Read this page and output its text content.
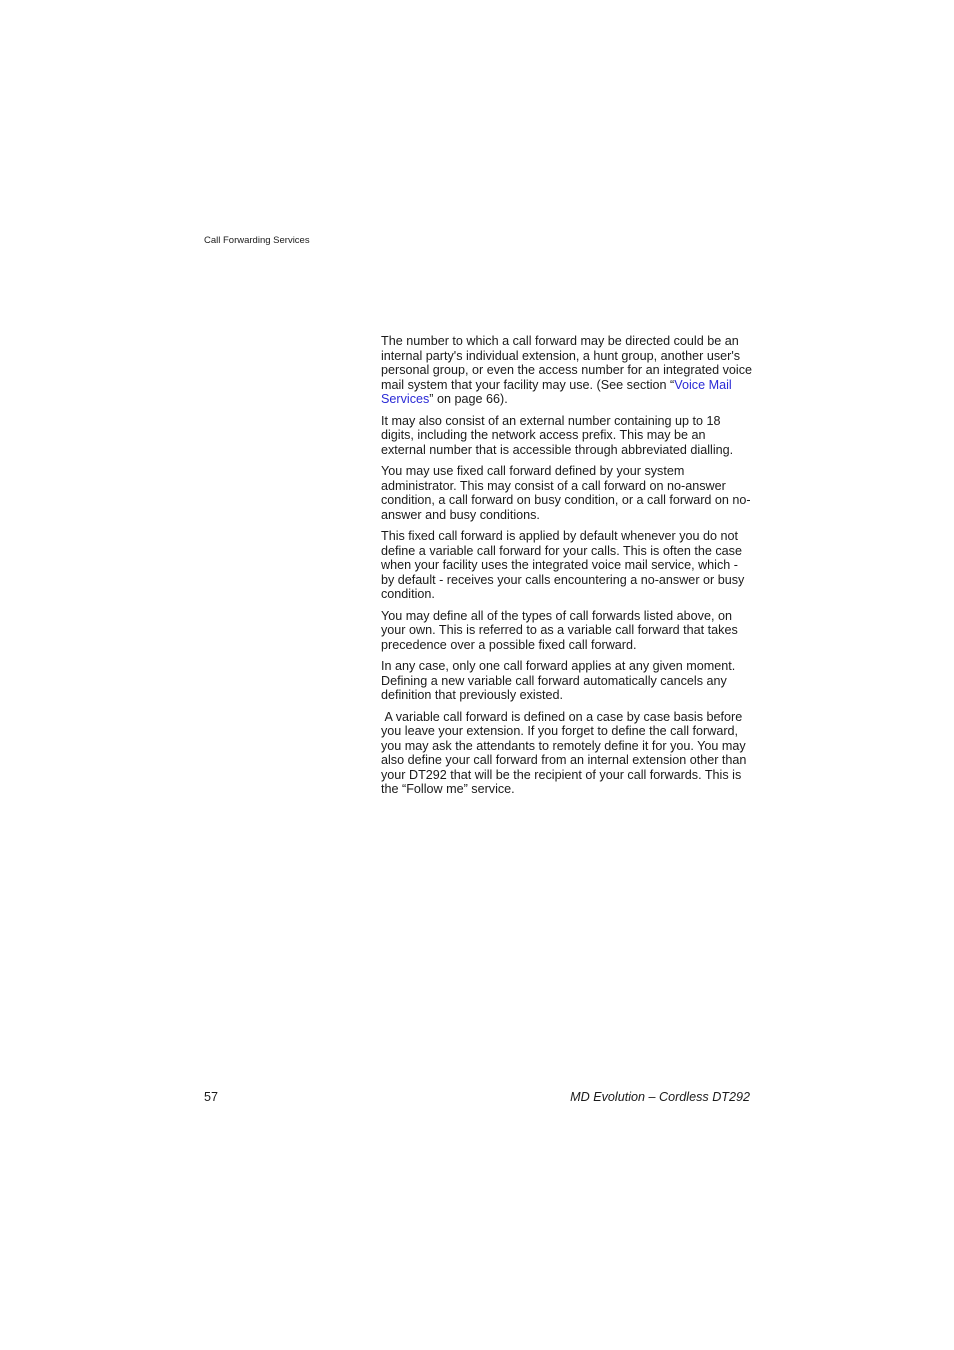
Call Forwarding Services

The number to which a call forward may be directed could be an internal party's individual extension, a hunt group, another user's personal group, or even the access number for an integrated voice mail system that your facility may use. (See section “Voice Mail Services” on page 66).

It may also consist of an external number containing up to 18 digits, including the network access prefix. This may be an external number that is accessible through abbreviated dialling.

You may use fixed call forward defined by your system administrator. This may consist of a call forward on no-answer condition, a call forward on busy condition, or a call forward on no-answer and busy conditions.

This fixed call forward is applied by default whenever you do not define a variable call forward for your calls. This is often the case when your facility uses the integrated voice mail service, which - by default - receives your calls encountering a no-answer or busy condition.

You may define all of the types of call forwards listed above, on your own. This is referred to as a variable call forward that takes precedence over a possible fixed call forward.

In any case, only one call forward applies at any given moment. Defining a new variable call forward automatically cancels any definition that previously existed.

A variable call forward is defined on a case by case basis before you leave your extension. If you forget to define the call forward, you may ask the attendants to remotely define it for you. You may also define your call forward from an internal extension other than your DT292 that will be the recipient of your call forwards. This is the “Follow me” service.

57	MD Evolution – Cordless DT292
